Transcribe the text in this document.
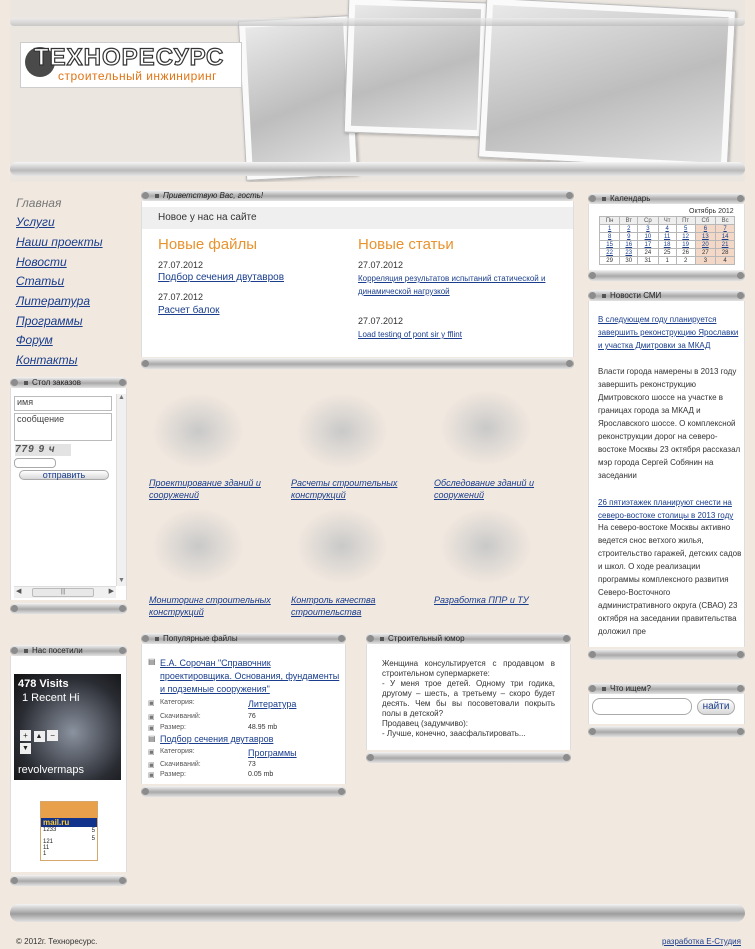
ТЕХНОРЕСУРС
строительный инжиниринг
Главная
Услуги
Наши проекты
Новости
Статьи
Литература
Программы
Форум
Контакты
Стол заказов
имя
сообщение
779 9 ч
отправить
▲
▼
◀	|||	▶
Нас посетили
478 Visits
1 Recent Hi
+ ▲ − ▼
revolvermaps
mail.ru
1233
121
11
1
5
5
Приветствую Вас, гость!
Новое у нас на сайте
Новые файлы
27.07.2012
Подбор сечения двутавров
27.07.2012
Расчет балок
Новые статьи
27.07.2012
Корреляция результатов испытаний статической и динамической нагрузкой
27.07.2012
Load testing of pont sir y fflint
Проектирование зданий и сооружений
Расчеты строительных конструкций
Обследование зданий и сооружений
Мониторинг строительных конструкций
Контроль качества строительства
Разработка ППР и ТУ
Популярные файлы
▤ Е.А. Сорочан "Справочник проектировщика. Основания, фундаменты и подземные сооружения"
▣ Категория:	Литература
▣ Скачиваний:	76
▣ Размер:	48.95 mb
▤ Подбор сечения двутавров
▣ Категория:	Программы
▣ Скачиваний:	73
▣ Размер:	0.05 mb
Строительный юмор
Женщина консультируется с продавцом в строительном супермаркете:
- У меня трое детей. Одному три годика, другому – шесть, а третьему – скоро будет десять. Чем бы вы посоветовали покрыть полы в детской?
Продавец (задумчиво):
- Лучше, конечно, заасфальтировать...
Календарь
Октябрь 2012
Пн	Вт	Ср	Чт	Пт	Сб	Вс
1	2	3	4	5	6	7
8	9	10	11	12	13	14
15	16	17	18	19	20	21
22	23	24	25	26	27	28
29	30	31	1	2	3	4
Новости СМИ
В следующем году планируется завершить реконструкцию Ярославки и участка Дмитровки за МКАД
Власти города намерены в 2013 году завершить реконструкцию Дмитровского шоссе на участке в границах города за МКАД и Ярославского шоссе. О комплексной реконструкции дорог на северо-востоке Москвы 23 октября рассказал мэр города Сергей Собянин на заседании
26 пятиэтажек планируют снести на северо-востоке столицы в 2013 году
На северо-востоке Москвы активно ведется снос ветхого жилья, строительство гаражей, детских садов и школ. О ходе реализации программы комплексного развития Северо-Восточного административного округа (СВАО) 23 октября на заседании правительства доложил пре
Что ищем?
найти
© 2012г. Техноресурс.	разработка E-Студия
